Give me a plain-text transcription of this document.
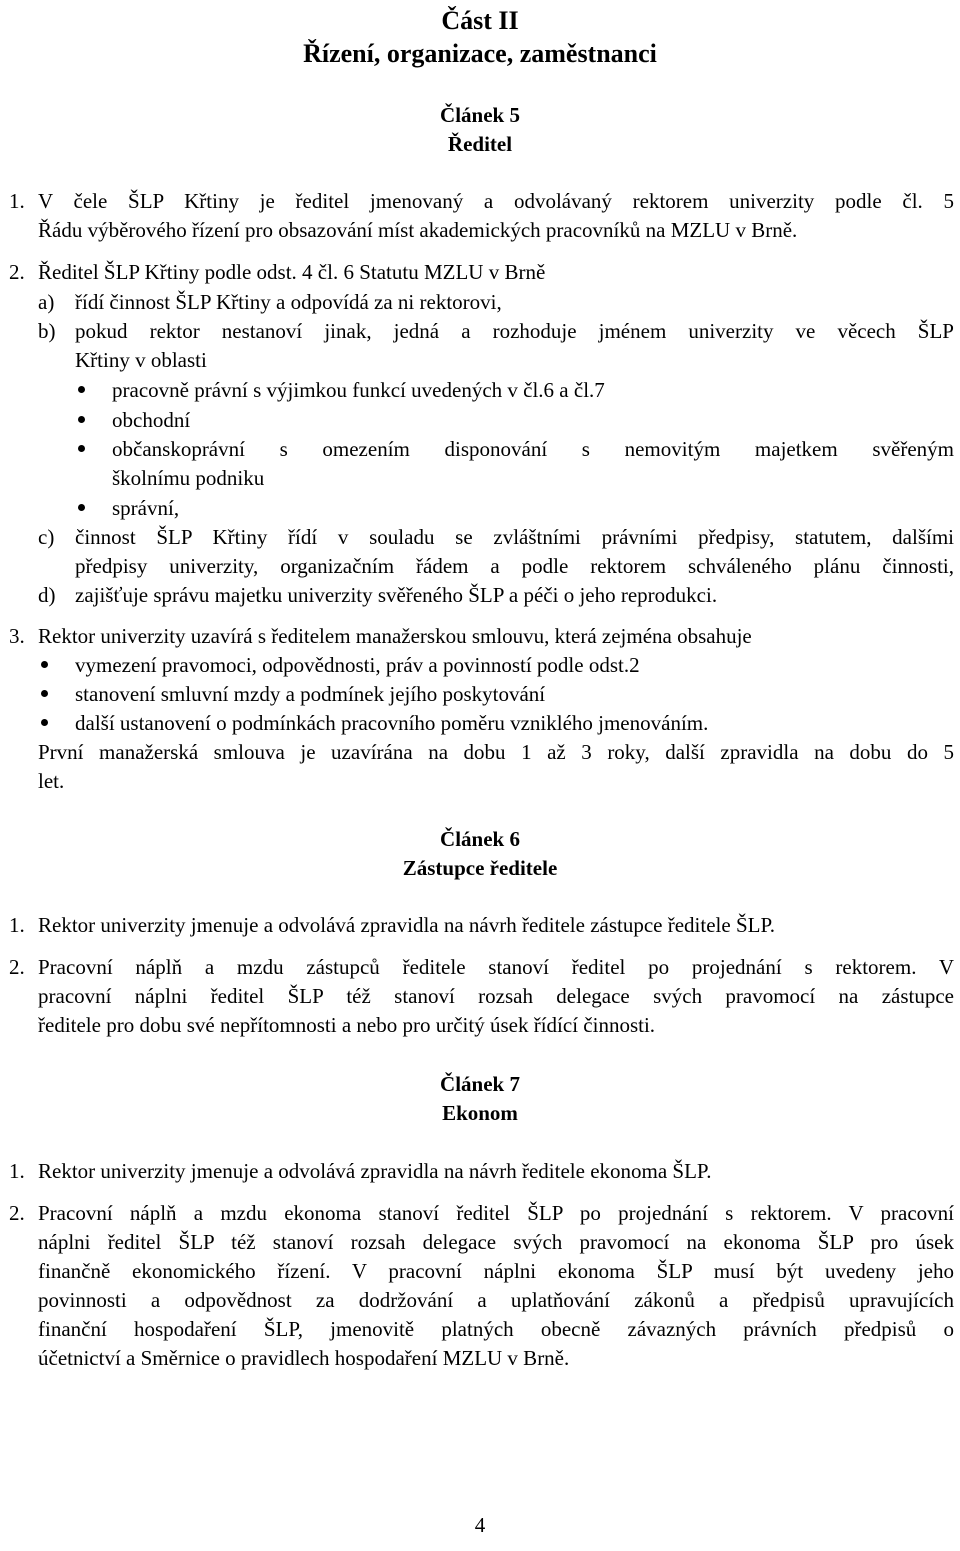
Část II
Řízení, organizace, zaměstnanci
Článek 5
Ředitel
1. V čele ŠLP Křtiny je ředitel jmenovaný a odvolávaný rektorem univerzity podle čl. 5
Řádu výběrového řízení pro obsazování míst akademických pracovníků na MZLU v Brně.
2. Ředitel ŠLP Křtiny podle odst. 4 čl. 6 Statutu MZLU v Brně
a) řídí činnost ŠLP Křtiny a odpovídá za ni rektorovi,
b) pokud rektor nestanoví jinak, jedná a rozhoduje jménem univerzity ve věcech ŠLP
Křtiny v oblasti
pracovně právní s výjimkou funkcí uvedených v čl.6 a čl.7
obchodní
občanskoprávní s omezením disponování s nemovitým majetkem svěřeným
školnímu podniku
správní,
c) činnost ŠLP Křtiny řídí v souladu se zvláštními právními předpisy, statutem, dalšími
předpisy univerzity, organizačním řádem a podle rektorem schváleného plánu činnosti,
d) zajišťuje správu majetku univerzity svěřeného ŠLP a péči o jeho reprodukci.
3. Rektor univerzity uzavírá s ředitelem manažerskou smlouvu, která zejména obsahuje
vymezení pravomoci, odpovědnosti, práv a povinností podle odst.2
stanovení smluvní mzdy a podmínek jejího poskytování
další ustanovení o podmínkách pracovního poměru vzniklého jmenováním.
První manažerská smlouva je uzavírána na dobu 1 až 3 roky, další zpravidla na dobu do 5
let.
Článek 6
Zástupce ředitele
1. Rektor univerzity jmenuje a odvolává zpravidla na návrh ředitele zástupce ředitele ŠLP.
2. Pracovní náplň a mzdu zástupců ředitele stanoví ředitel po projednání s rektorem. V
pracovní náplni ředitel ŠLP též stanoví rozsah delegace svých pravomocí na zástupce
ředitele pro dobu své nepřítomnosti a nebo pro určitý úsek řídící činnosti.
Článek 7
Ekonom
1. Rektor univerzity jmenuje a odvolává zpravidla na návrh ředitele ekonoma ŠLP.
2. Pracovní náplň a mzdu ekonoma stanoví ředitel ŠLP po projednání s rektorem. V pracovní
náplni ředitel ŠLP též stanoví rozsah delegace svých pravomocí na ekonoma ŠLP pro úsek
finančně ekonomického řízení. V pracovní náplni ekonoma ŠLP musí být uvedeny jeho
povinnosti a odpovědnost za dodržování a uplatňování zákonů a předpisů upravujících
finanční hospodaření ŠLP, jmenovitě platných obecně závazných právních předpisů o
účetnictví a Směrnice o pravidlech hospodaření MZLU v Brně.
4
